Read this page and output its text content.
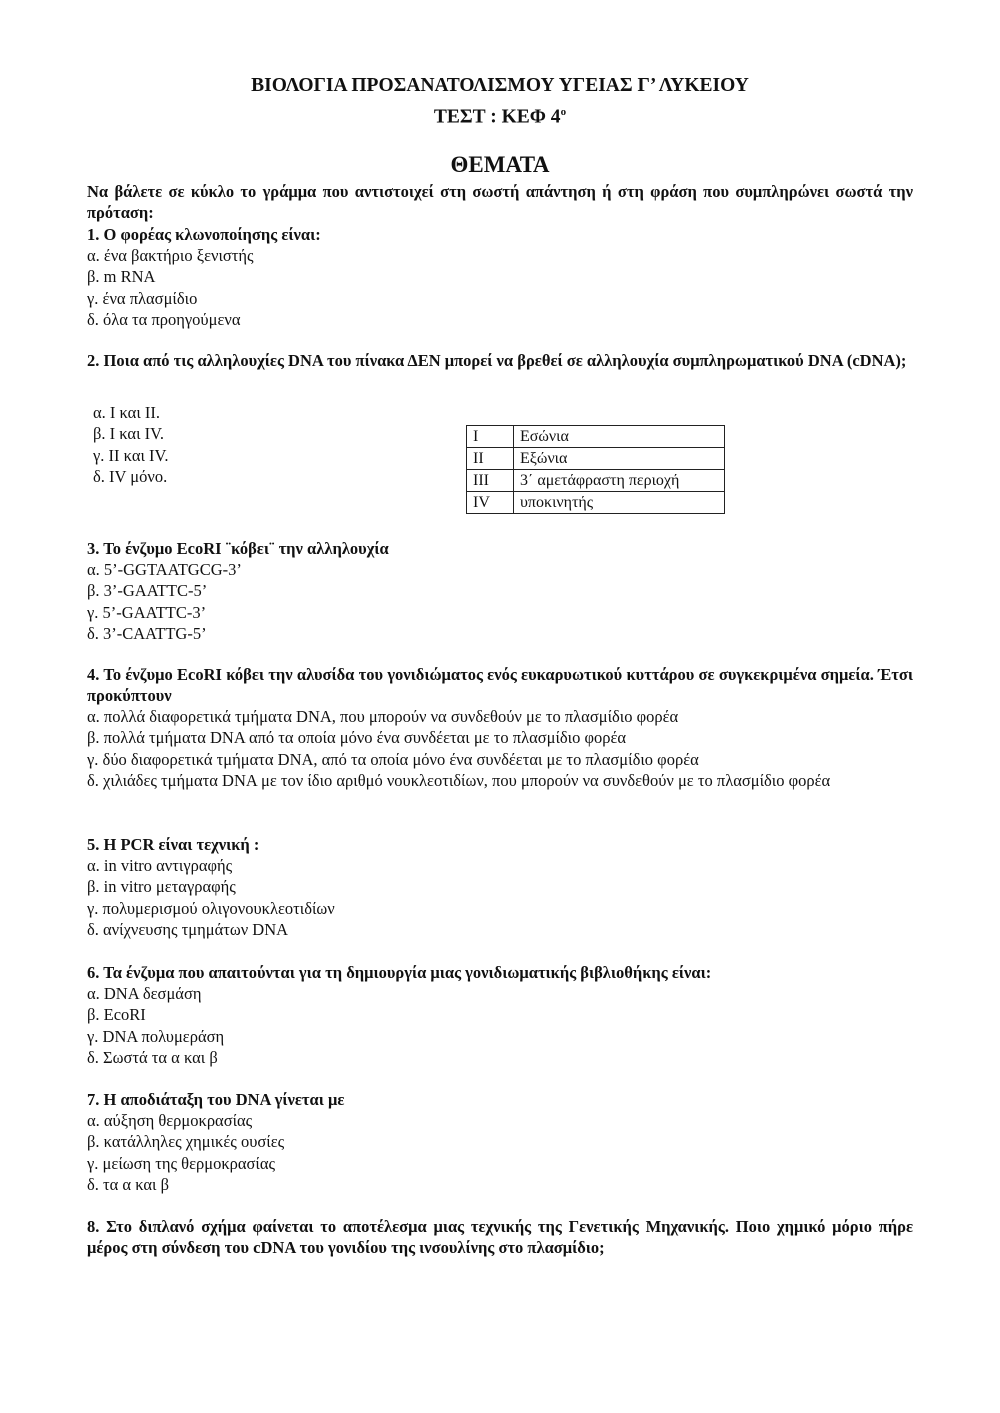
ΒΙΟΛΟΓΙΑ ΠΡΟΣΑΝΑΤΟΛΙΣΜΟΥ ΥΓΕΙΑΣ Γ’ ΛΥΚΕΙΟΥ
ΤΕΣΤ : ΚΕΦ $4^o$
ΘΕΜΑΤΑ
Να βάλετε σε κύκλο το γράμμα που αντιστοιχεί στη σωστή απάντηση ή στη φράση που συμπληρώνει σωστά την πρόταση:
1. Ο φορέας κλωνοποίησης είναι:
α. ένα βακτήριο ξενιστής
β. m RNA
γ. ένα πλασμίδιο
δ. όλα τα προηγούμενα
2. Ποια από τις αλληλουχίες DNA του πίνακα ΔΕΝ μπορεί να βρεθεί σε αλληλουχία συμπληρωματικού DNA (cDNA);
α. I και II.
β. I και IV.
γ. II και IV.
δ. IV μόνο.
I	Εσώνια
II	Εξώνια
III	3΄ αμετάφραστη περιοχή
IV	υποκινητής
3. Το ένζυμο EcoRI ¨κόβει¨ την αλληλουχία
α. 5’-GGTAATGCG-3’
β. 3’-GAATTC-5’
γ. 5’-GAATTC-3’
δ. 3’-CAATTG-5’
4. Το ένζυμο EcoRI κόβει την αλυσίδα του γονιδιώματος ενός ευκαρυωτικού κυττάρου σε συγκεκριμένα σημεία. Έτσι προκύπτουν
α. πολλά διαφορετικά τμήματα DNA, που μπορούν να συνδεθούν με το πλασμίδιο φορέα
β. πολλά τμήματα DNA από τα οποία μόνο ένα συνδέεται με το πλασμίδιο φορέα
γ. δύο διαφορετικά τμήματα DNA, από τα οποία μόνο ένα συνδέεται με το πλασμίδιο φορέα
δ. χιλιάδες τμήματα DNA με τον ίδιο αριθμό νουκλεοτιδίων, που μπορούν να συνδεθούν με το πλασμίδιο φορέα
5. Η PCR είναι τεχνική :
α. in vitro αντιγραφής
β. in vitro μεταγραφής
γ. πολυμερισμού ολιγονουκλεοτιδίων
δ. ανίχνευσης τμημάτων DNA
6. Τα ένζυμα που απαιτούνται για τη δημιουργία μιας γονιδιωματικής βιβλιοθήκης είναι:
α. DNA δεσμάση
β. EcoRI
γ. DNA πολυμεράση
δ. Σωστά τα α και β
7. Η αποδιάταξη του DNA γίνεται με
α. αύξηση θερμοκρασίας
β. κατάλληλες χημικές ουσίες
γ. μείωση της θερμοκρασίας
δ. τα α και β
8. Στο διπλανό σχήμα φαίνεται το αποτέλεσμα μιας τεχνικής της Γενετικής Μηχανικής. Ποιο χημικό μόριο πήρε μέρος στη σύνδεση του cDNA του γονιδίου της ινσουλίνης στο πλασμίδιο;
